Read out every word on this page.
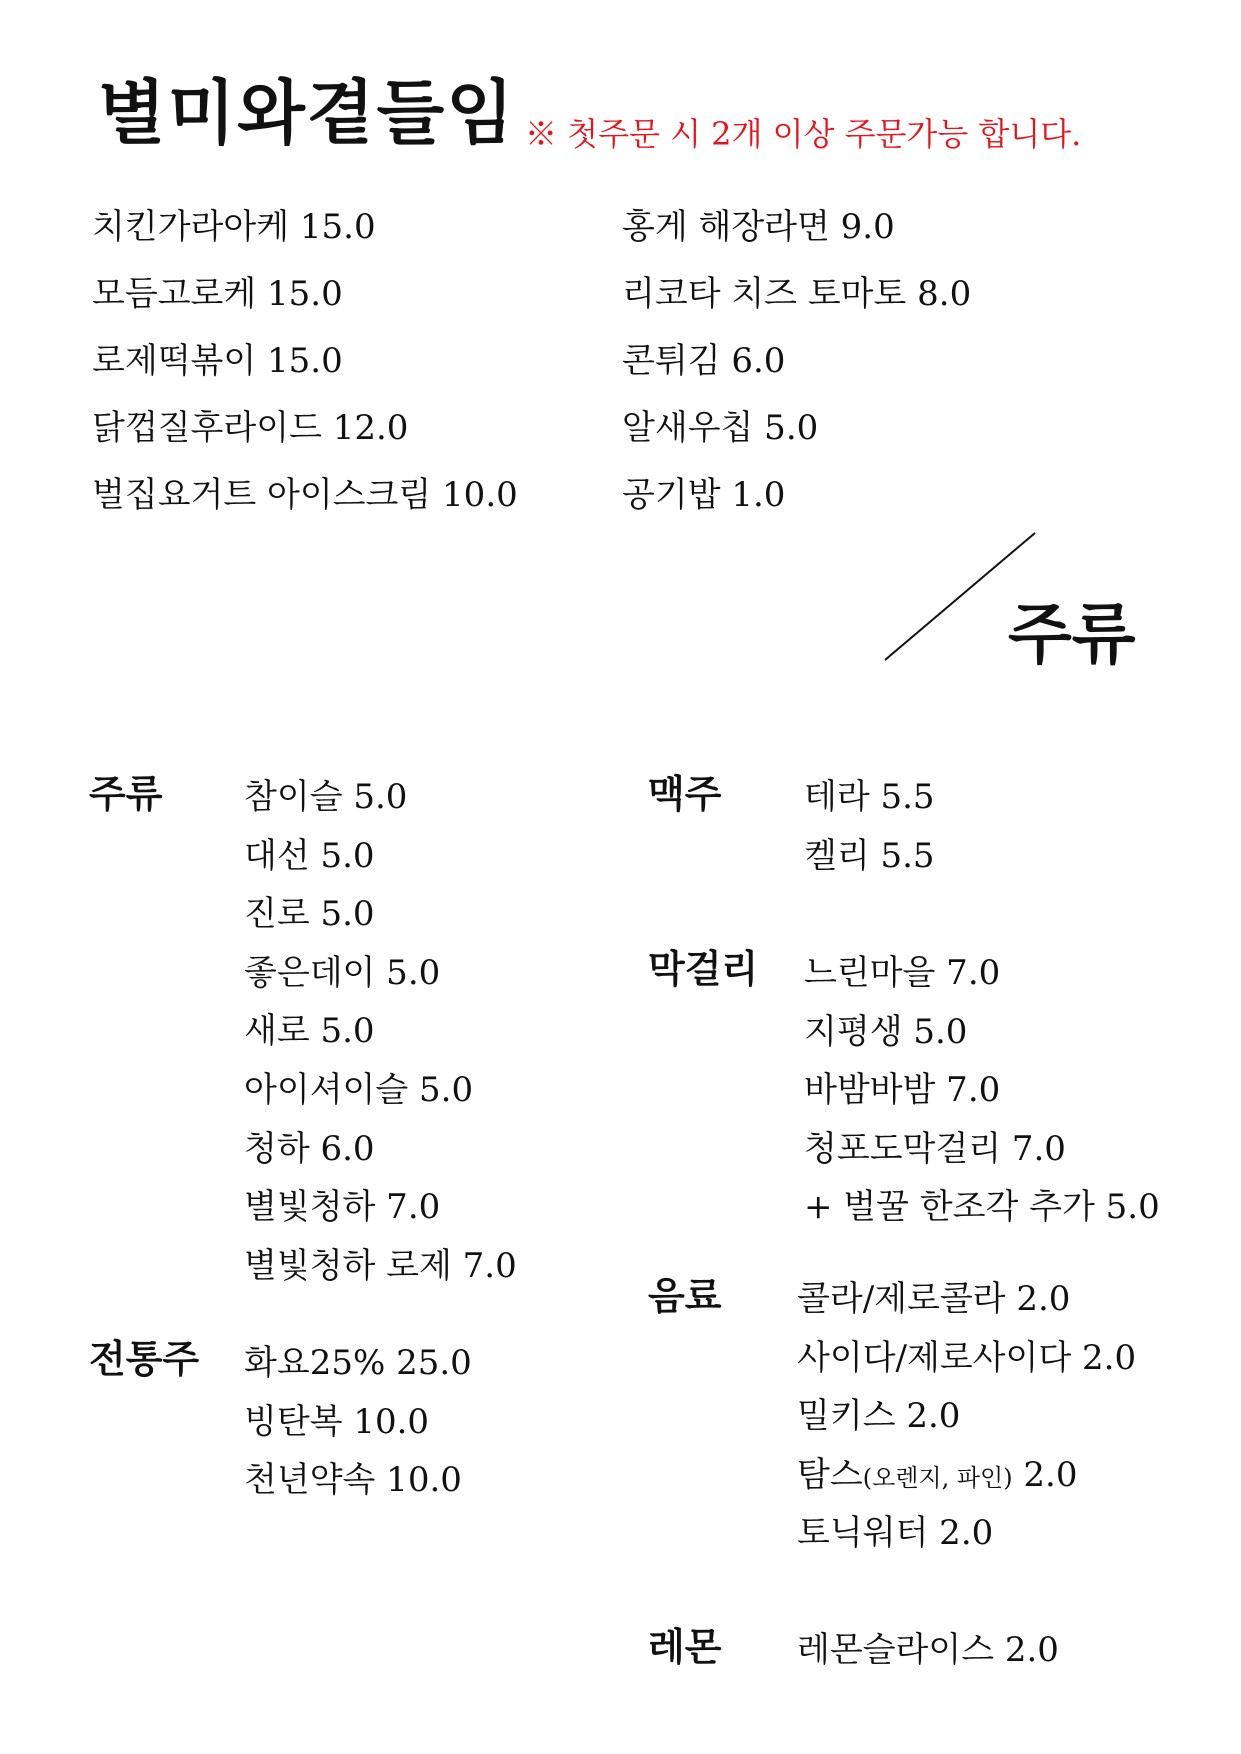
별미와곁들임 ※ 첫주문 시 2개 이상 주문가능 합니다.
치킨가라아케 15.0
모듬고로케 15.0
로제떡볶이 15.0
닭껍질후라이드 12.0
벌집요거트 아이스크림 10.0
홍게 해장라면 9.0
리코타 치즈 토마토 8.0
콘튀김 6.0
알새우칩 5.0
공기밥 1.0
주류
주류 참이슬 5.0
대선 5.0
진로 5.0
좋은데이 5.0
새로 5.0
아이셔이슬 5.0
청하 6.0
별빛청하 7.0
별빛청하 로제 7.0
전통주 화요25% 25.0
빙탄복 10.0
천년약속 10.0
맥주 테라 5.5
켈리 5.5
막걸리 느린마을 7.0
지평생 5.0
바밤바밤 7.0
청포도막걸리 7.0
+ 벌꿀 한조각 추가 5.0
음료 콜라/제로콜라 2.0
사이다/제로사이다 2.0
밀키스 2.0
탐스(오렌지, 파인) 2.0
토닉워터 2.0
레몬 레몬슬라이스 2.0
